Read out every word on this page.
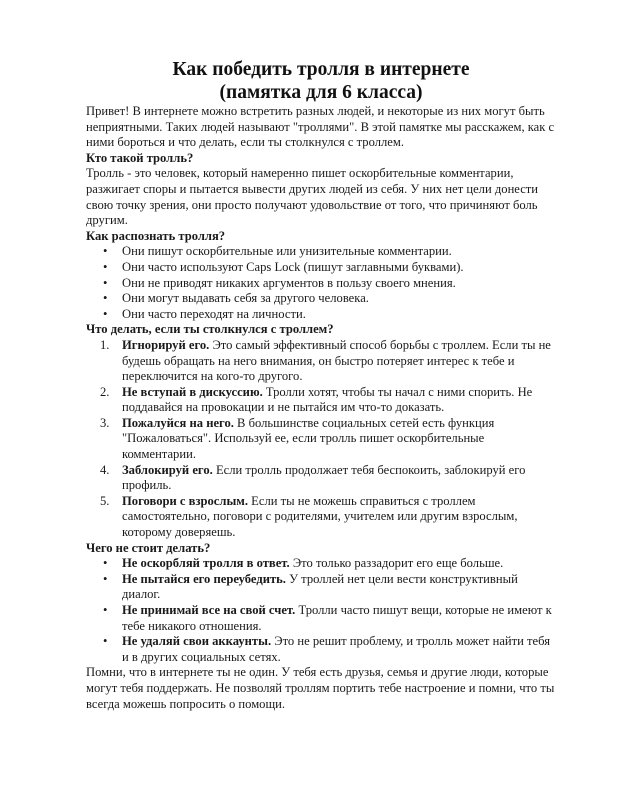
Как победить тролля в интернете
(памятка для 6 класса)

Привет! В интернете можно встретить разных людей, и некоторые из них могут быть неприятными. Таких людей называют "троллями". В этой памятке мы расскажем, как с ними бороться и что делать, если ты столкнулся с троллем.

Кто такой тролль?

Тролль - это человек, который намеренно пишет оскорбительные комментарии, разжигает споры и пытается вывести других людей из себя. У них нет цели донести свою точку зрения, они просто получают удовольствие от того, что причиняют боль другим.

Как распознать тролля?

• Они пишут оскорбительные или унизительные комментарии.
• Они часто используют Caps Lock (пишут заглавными буквами).
• Они не приводят никаких аргументов в пользу своего мнения.
• Они могут выдавать себя за другого человека.
• Они часто переходят на личности.

Что делать, если ты столкнулся с троллем?

1. Игнорируй его. Это самый эффективный способ борьбы с троллем. Если ты не будешь обращать на него внимания, он быстро потеряет интерес к тебе и переключится на кого-то другого.
2. Не вступай в дискуссию. Тролли хотят, чтобы ты начал с ними спорить. Не поддавайся на провокации и не пытайся им что-то доказать.
3. Пожалуйся на него. В большинстве социальных сетей есть функция "Пожаловаться". Используй ее, если тролль пишет оскорбительные комментарии.
4. Заблокируй его. Если тролль продолжает тебя беспокоить, заблокируй его профиль.
5. Поговори с взрослым. Если ты не можешь справиться с троллем самостоятельно, поговори с родителями, учителем или другим взрослым, которому доверяешь.

Чего не стоит делать?

• Не оскорбляй тролля в ответ. Это только раззадорит его еще больше.
• Не пытайся его переубедить. У троллей нет цели вести конструктивный диалог.
• Не принимай все на свой счет. Тролли часто пишут вещи, которые не имеют к тебе никакого отношения.
• Не удаляй свои аккаунты. Это не решит проблему, и тролль может найти тебя и в других социальных сетях.

Помни, что в интернете ты не один. У тебя есть друзья, семья и другие люди, которые могут тебя поддержать. Не позволяй троллям портить тебе настроение и помни, что ты всегда можешь попросить о помощи.
